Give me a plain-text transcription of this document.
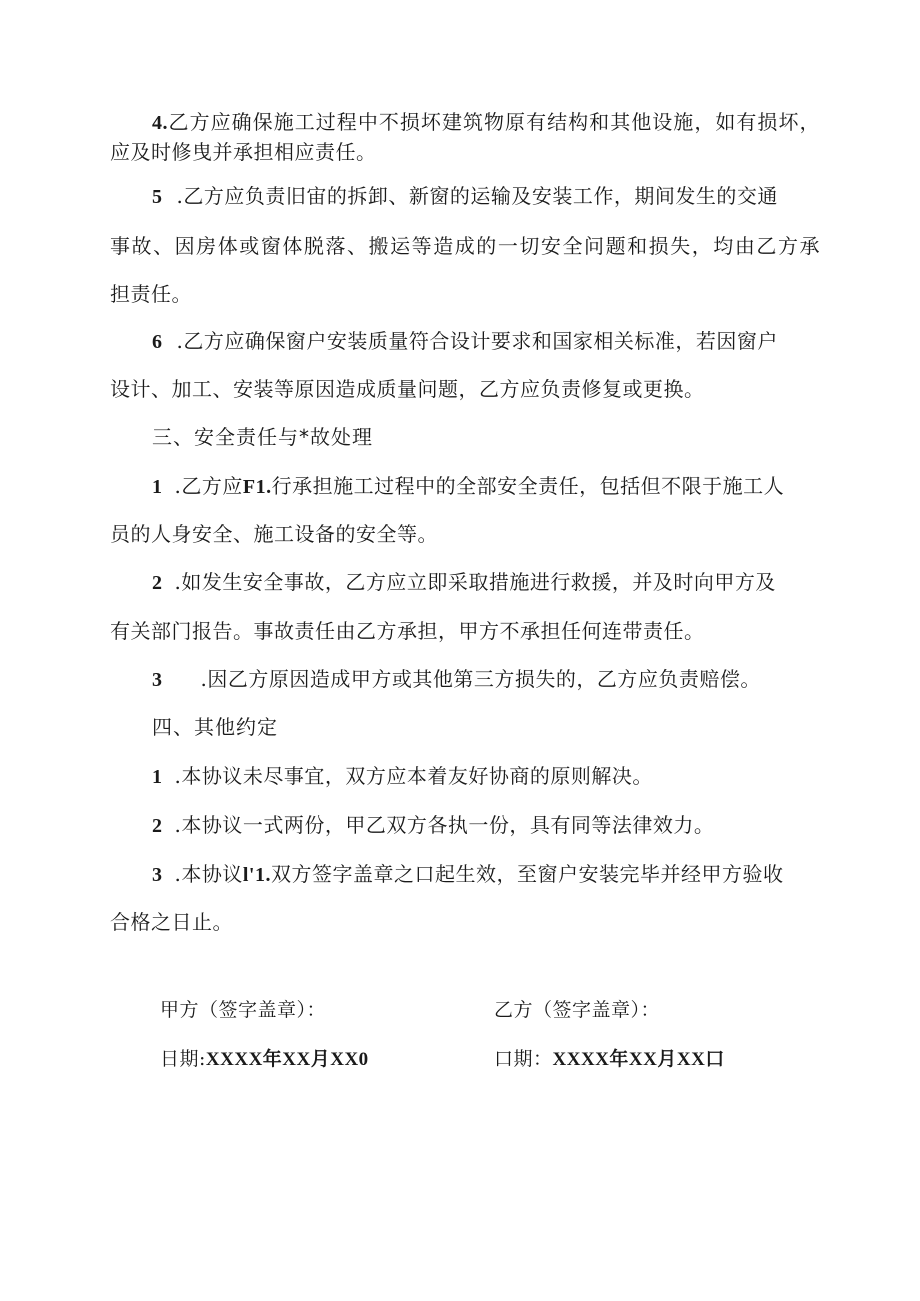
4.乙方应确保施工过程中不损坏建筑物原有结构和其他设施，如有损坏，
应及时修曳并承担相应责任。
5 .乙方应负责旧宙的拆卸、新窗的运输及安装工作，期间发生的交通
事故、因房体或窗体脱落、搬运等造成的一切安全问题和损失，均由乙方承
担责任。
6 .乙方应确保窗户安装质量符合设计要求和国家相关标准，若因窗户
设计、加工、安装等原因造成质量问题，乙方应负责修复或更换。
三、安全责任与*故处理
1 .乙方应F1.行承担施工过程中的全部安全责任，包括但不限于施工人
员的人身安全、施工设备的安全等。
2 .如发生安全事故，乙方应立即采取措施进行救援，并及时向甲方及
有关部门报告。事故责任由乙方承担，甲方不承担任何连带责任。
3 .因乙方原因造成甲方或其他第三方损失的，乙方应负责赔偿。
四、其他约定
1 .本协议未尽事宜，双方应本着友好协商的原则解决。
2 .本协议一式两份，甲乙双方各执一份，具有同等法律效力。
3 .本协议l'1.双方签字盖章之口起生效，至窗户安装完毕并经甲方验收
合格之日止。
甲方（签字盖章）：	乙方（签字盖章）：
日期:XXXX年XX月XX0	口期：XXXX年XX月XX口
